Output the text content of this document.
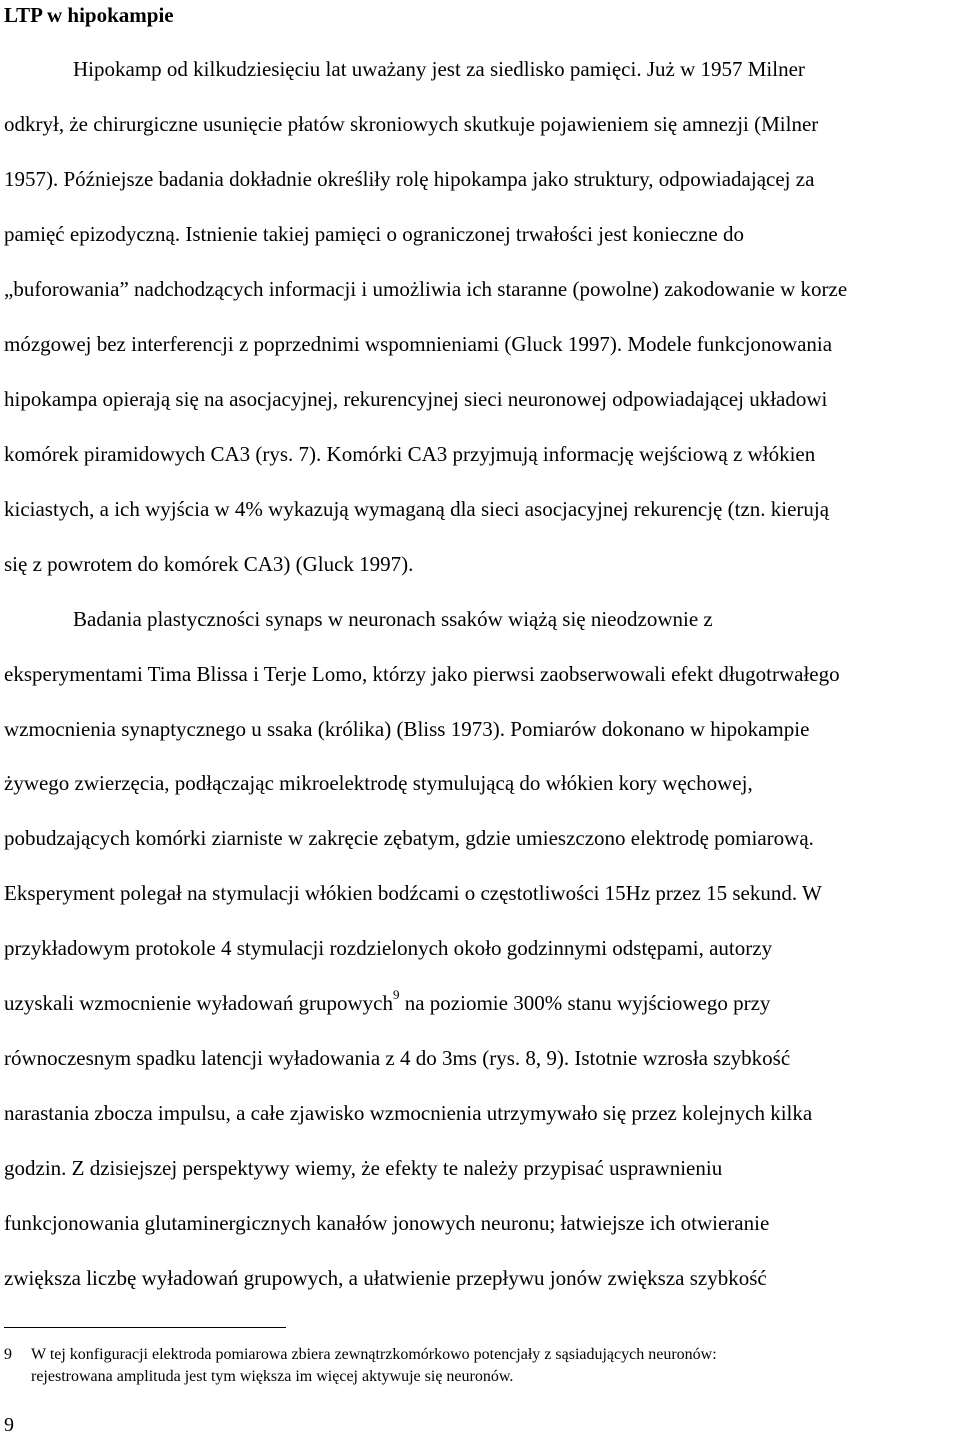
LTP w hipokampie

Hipokamp od kilkudziesięciu lat uważany jest za siedlisko pamięci. Już w 1957 Milner

odkrył, że chirurgiczne usunięcie płatów skroniowych skutkuje pojawieniem się amnezji (Milner

1957). Późniejsze badania dokładnie określiły rolę hipokampa jako struktury, odpowiadającej za

pamięć epizodyczną. Istnienie takiej pamięci o ograniczonej trwałości jest konieczne do

„buforowania” nadchodzących informacji i umożliwia ich staranne (powolne) zakodowanie w korze

mózgowej bez interferencji z poprzednimi wspomnieniami (Gluck 1997). Modele funkcjonowania

hipokampa opierają się na asocjacyjnej, rekurencyjnej sieci neuronowej odpowiadającej układowi

komórek piramidowych CA3 (rys. 7). Komórki CA3 przyjmują informację wejściową z włókien

kiciastych, a ich wyjścia w 4% wykazują wymaganą dla sieci asocjacyjnej rekurencję (tzn. kierują

się z powrotem do komórek CA3) (Gluck 1997).

Badania plastyczności synaps w neuronach ssaków wiążą się nieodzownie z

eksperymentami Tima Blissa i Terje Lomo, którzy jako pierwsi zaobserwowali efekt długotrwałego

wzmocnienia synaptycznego u ssaka (królika) (Bliss 1973). Pomiarów dokonano w hipokampie

żywego zwierzęcia, podłączając mikroelektrodę stymulującą do włókien kory węchowej,

pobudzających komórki ziarniste w zakręcie zębatym, gdzie umieszczono elektrodę pomiarową.

Eksperyment polegał na stymulacji włókien bodźcami o częstotliwości 15Hz przez 15 sekund. W

przykładowym protokole 4 stymulacji rozdzielonych około godzinnymi odstępami, autorzy

uzyskali wzmocnienie wyładowań grupowych$^9$ na poziomie 300% stanu wyjściowego przy

równoczesnym spadku latencji wyładowania z 4 do 3ms (rys. 8, 9). Istotnie wzrosła szybkość

narastania zbocza impulsu, a całe zjawisko wzmocnienia utrzymywało się przez kolejnych kilka

godzin. Z dzisiejszej perspektywy wiemy, że efekty te należy przypisać usprawnieniu

funkcjonowania glutaminergicznych kanałów jonowych neuronu; łatwiejsze ich otwieranie

zwiększa liczbę wyładowań grupowych, a ułatwienie przepływu jonów zwiększa szybkość

9 W tej konfiguracji elektroda pomiarowa zbiera zewnątrzkomórkowo potencjały z sąsiadujących neuronów:
rejestrowana amplituda jest tym większa im więcej aktywuje się neuronów.
9
